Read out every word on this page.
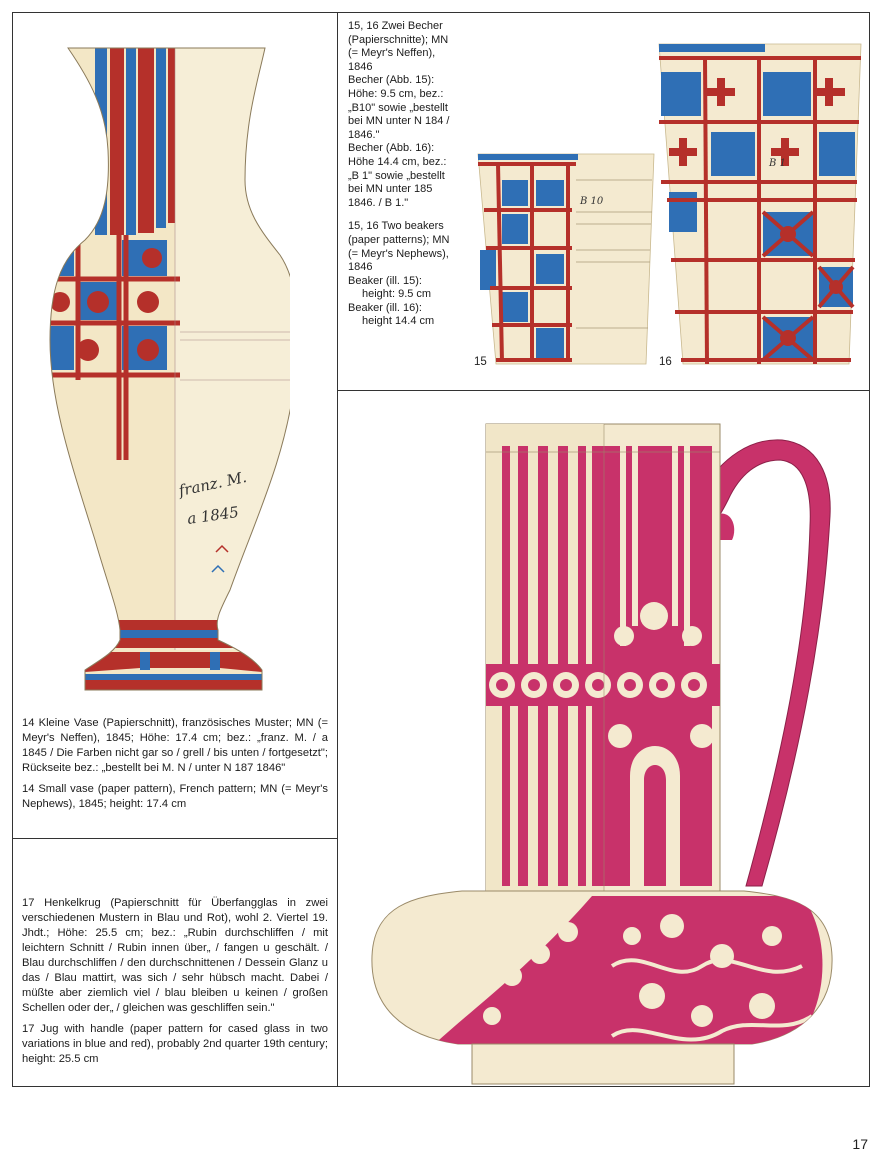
franz. M.
a 1845

14 Kleine Vase (Papierschnitt), französisches Muster; MN (= Meyr's Neffen), 1845; Höhe: 17.4 cm; bez.: „franz. M. / a 1845 / Die Farben nicht gar so / grell / bis unten / fortgesetzt"; Rückseite bez.: „bestellt bei M. N / unter N 187 1846"

14 Small vase (paper pattern), French pattern; MN (= Meyr's Nephews), 1845; height: 17.4 cm

15, 16 Zwei Becher
(Papierschnitte); MN
(= Meyr's Neffen),
1846
Becher (Abb. 15):
Höhe: 9.5 cm, bez.:
„B10" sowie „bestellt
bei MN unter N 184 /
1846."
Becher (Abb. 16):
Höhe 14.4 cm, bez.:
„B 1" sowie „bestellt
bei MN unter 185
1846. / B 1."
15, 16 Two beakers
(paper patterns); MN
(= Meyr's Nephews),
1846
Beaker (ill. 15):
height: 9.5 cm
Beaker (ill. 16):
height 14.4 cm
B 10
15
B 1
16

17 Henkelkrug (Papierschnitt für Überfangglas in zwei verschiedenen Mustern in Blau und Rot), wohl 2. Viertel 19. Jhdt.; Höhe: 25.5 cm; bez.: „Rubin durchschliffen / mit leichtern Schnitt / Rubin innen über„ / fangen u geschält. / Blau durchschliffen / den durchschnittenen / Dessein Glanz u das / Blau mattirt, was sich / sehr hübsch macht. Dabei / müßte aber ziemlich viel / blau bleiben u keinen / großen Schellen oder der„ / gleichen was geschliffen sein."

17 Jug with handle (paper pattern for cased glass in two variations in blue and red), probably 2nd quarter 19th century; height: 25.5 cm

17
